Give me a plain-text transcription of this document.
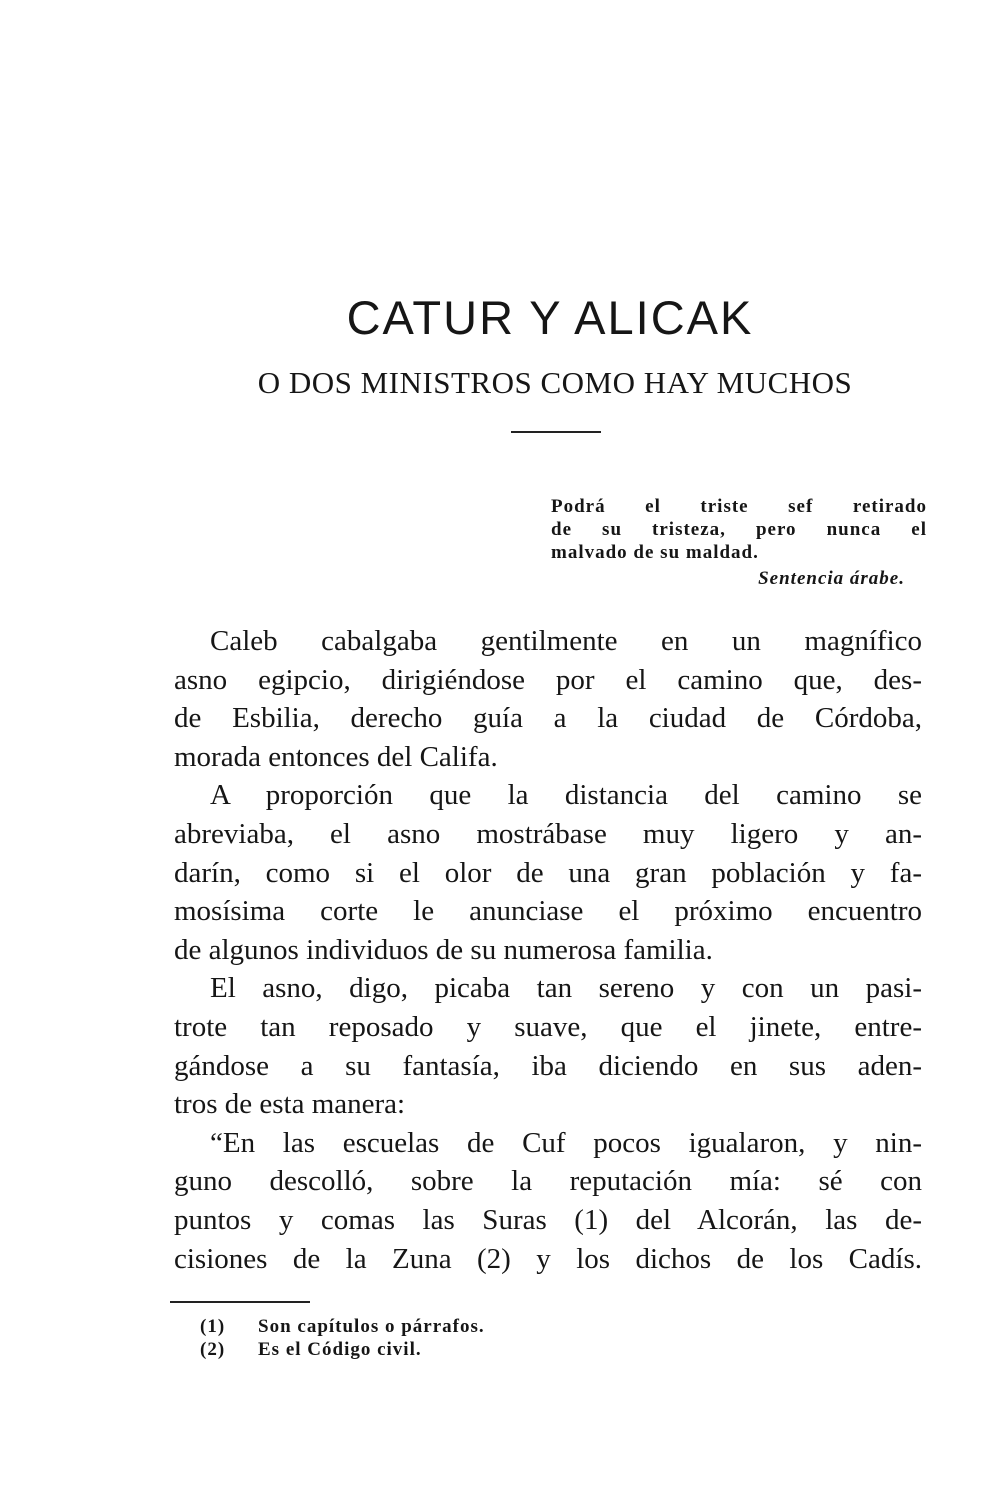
CATUR Y ALICAK
O DOS MINISTROS COMO HAY MUCHOS
Podrá el triste sef retirado
de su tristeza, pero nunca el
malvado de su maldad.
Sentencia árabe.
Caleb cabalgaba gentilmente en un magnífico
asno egipcio, dirigiéndose por el camino que, des-
de Esbilia, derecho guía a la ciudad de Córdoba,
morada entonces del Califa.
A proporción que la distancia del camino se
abreviaba, el asno mostrábase muy ligero y an-
darín, como si el olor de una gran población y fa-
mosísima corte le anunciase el próximo encuentro
de algunos individuos de su numerosa familia.
El asno, digo, picaba tan sereno y con un pasi-
trote tan reposado y suave, que el jinete, entre-
gándose a su fantasía, iba diciendo en sus aden-
tros de esta manera:
“En las escuelas de Cuf pocos igualaron, y nin-
guno descolló, sobre la reputación mía: sé con
puntos y comas las Suras (1) del Alcorán, las de-
cisiones de la Zuna (2) y los dichos de los Cadís.
(1) Son capítulos o párrafos.
(2) Es el Código civil.
